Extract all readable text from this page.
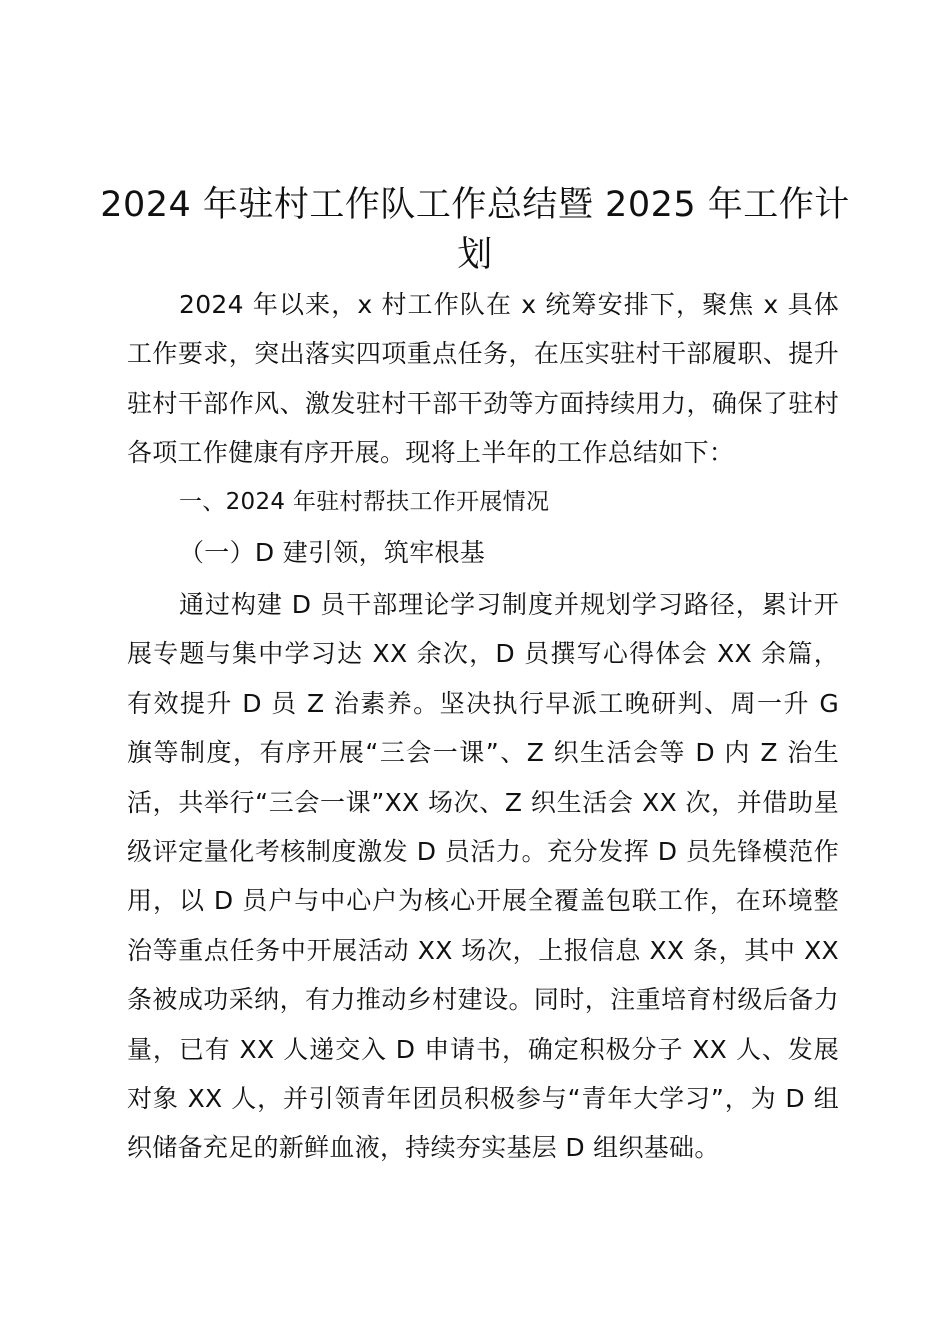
2024 年驻村工作队工作总结暨 2025 年工作计划

2024 年以来，x 村工作队在 x 统筹安排下，聚焦 x 具体工作要求，突出落实四项重点任务，在压实驻村干部履职、提升驻村干部作风、激发驻村干部干劲等方面持续用力，确保了驻村各项工作健康有序开展。现将上半年的工作总结如下：

一、2024 年驻村帮扶工作开展情况

（一）D 建引领，筑牢根基

通过构建 D 员干部理论学习制度并规划学习路径，累计开展专题与集中学习达 XX 余次，D 员撰写心得体会 XX 余篇，有效提升 D 员 Z 治素养。坚决执行早派工晚研判、周一升 G 旗等制度，有序开展“三会一课”、Z 织生活会等 D 内 Z 治生活，共举行“三会一课”XX 场次、Z 织生活会 XX 次，并借助星级评定量化考核制度激发 D 员活力。充分发挥 D 员先锋模范作用，以 D 员户与中心户为核心开展全覆盖包联工作，在环境整治等重点任务中开展活动 XX 场次，上报信息 XX 条，其中 XX 条被成功采纳，有力推动乡村建设。同时，注重培育村级后备力量，已有 XX 人递交入 D 申请书，确定积极分子 XX 人、发展对象 XX 人，并引领青年团员积极参与“青年大学习”，为 D 组织储备充足的新鲜血液，持续夯实基层 D 组织基础。
